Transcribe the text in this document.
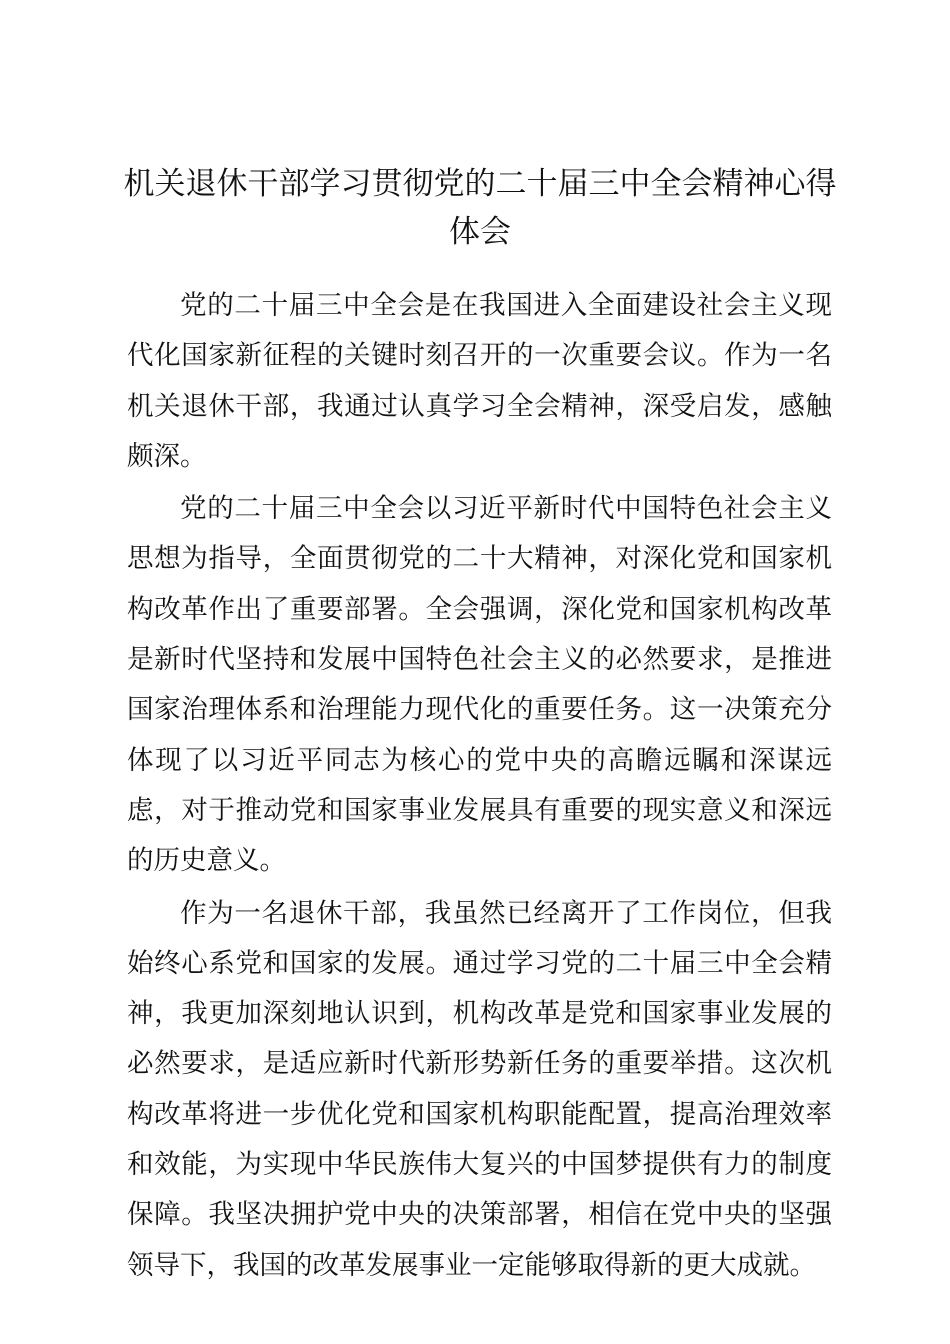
机关退休干部学习贯彻党的二十届三中全会精神心得体会

党的二十届三中全会是在我国进入全面建设社会主义现代化国家新征程的关键时刻召开的一次重要会议。作为一名机关退休干部，我通过认真学习全会精神，深受启发，感触颇深。

党的二十届三中全会以习近平新时代中国特色社会主义思想为指导，全面贯彻党的二十大精神，对深化党和国家机构改革作出了重要部署。全会强调，深化党和国家机构改革是新时代坚持和发展中国特色社会主义的必然要求，是推进国家治理体系和治理能力现代化的重要任务。这一决策充分体现了以习近平同志为核心的党中央的高瞻远瞩和深谋远虑，对于推动党和国家事业发展具有重要的现实意义和深远的历史意义。

作为一名退休干部，我虽然已经离开了工作岗位，但我始终心系党和国家的发展。通过学习党的二十届三中全会精神，我更加深刻地认识到，机构改革是党和国家事业发展的必然要求，是适应新时代新形势新任务的重要举措。这次机构改革将进一步优化党和国家机构职能配置，提高治理效率和效能，为实现中华民族伟大复兴的中国梦提供有力的制度保障。我坚决拥护党中央的决策部署，相信在党中央的坚强领导下，我国的改革发展事业一定能够取得新的更大成就。
